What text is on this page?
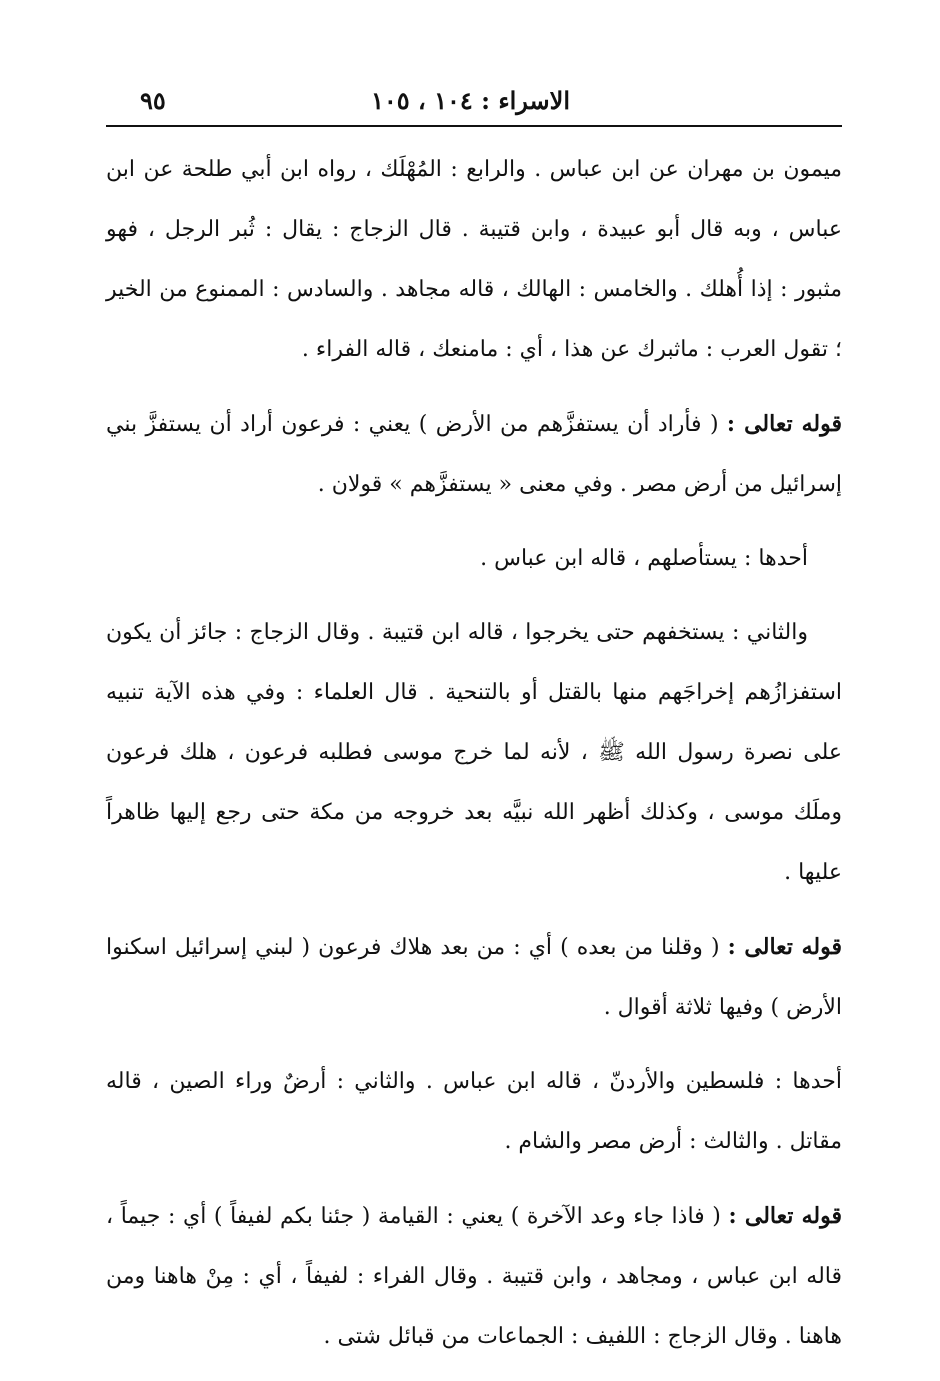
الاسراء : ١٠٤ ، ١٠٥
٩٥

ميمون بن مهران عن ابن عباس . والرابع : المُهْلَك ، رواه ابن أبي طلحة عن ابن عباس ، وبه قال أبو عبيدة ، وابن قتيبة . قال الزجاج : يقال : ثُبر الرجل ، فهو مثبور : إذا أُهلك . والخامس : الهالك ، قاله مجاهد . والسادس : الممنوع من الخير ؛ تقول العرب : ماثبرك عن هذا ، أي : مامنعك ، قاله الفراء .

قوله تعالى : ( فأراد أن يستفزَّهم من الأرض ) يعني : فرعون أراد أن يستفزَّ بني إسرائيل من أرض مصر . وفي معنى « يستفزَّهم » قولان .

أحدها : يستأصلهم ، قاله ابن عباس .

والثاني : يستخفهم حتى يخرجوا ، قاله ابن قتيبة . وقال الزجاج : جائز أن يكون استفزازُهم إخراجَهم منها بالقتل أو بالتنحية . قال العلماء : وفي هذه الآية تنبيه على نصرة رسول الله ﷺ ، لأنه لما خرج موسى فطلبه فرعون ، هلك فرعون وملَك موسى ، وكذلك أظهر الله نبيَّه بعد خروجه من مكة حتى رجع إليها ظاهراً عليها .

قوله تعالى : ( وقلنا من بعده ) أي : من بعد هلاك فرعون ( لبني إسرائيل اسكنوا الأرض ) وفيها ثلاثة أقوال .

أحدها : فلسطين والأردنّ ، قاله ابن عباس . والثاني : أرضٌ وراء الصين ، قاله مقاتل . والثالث : أرض مصر والشام .

قوله تعالى : ( فاذا جاء وعد الآخرة ) يعني : القيامة ( جئنا بكم لفيفاً ) أي : جيماً ، قاله ابن عباس ، ومجاهد ، وابن قتيبة . وقال الفراء : لفيفاً ، أي : مِنْ هاهنا ومن هاهنا . وقال الزجاج : اللفيف : الجماعات من قبائل شتى .
